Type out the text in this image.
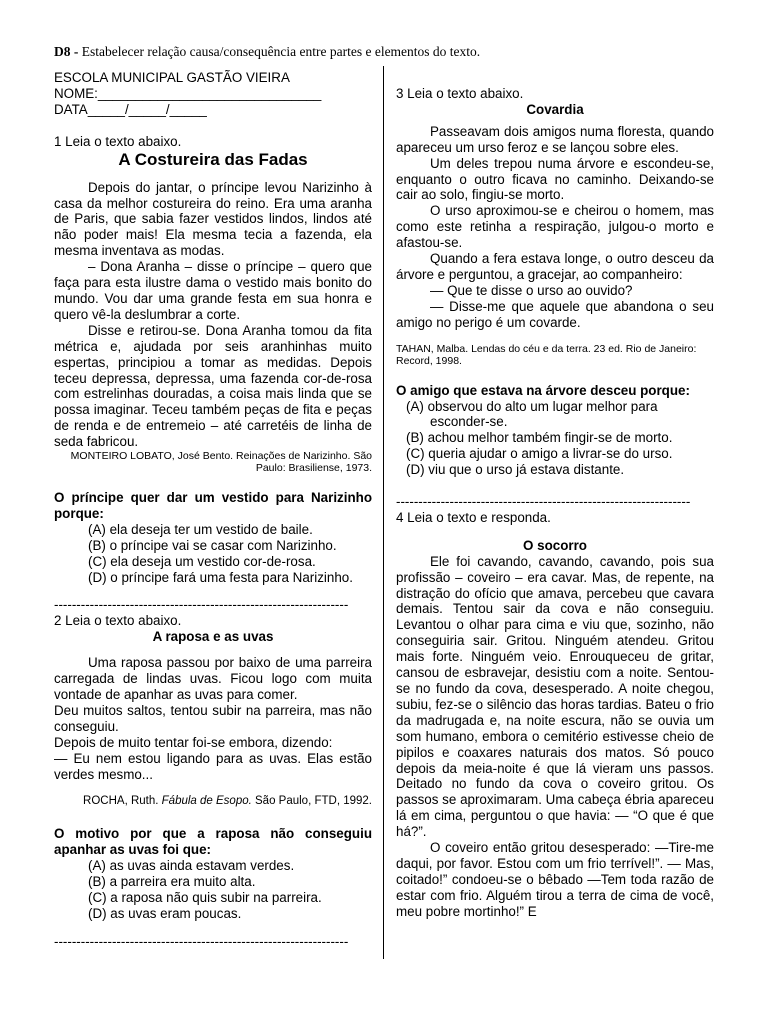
D8 - Estabelecer relação causa/consequência entre partes e elementos do texto.

ESCOLA MUNICIPAL GASTÃO VIEIRA

NOME:______________________________

DATA_____/_____/_____

1 Leia o texto abaixo.

A Costureira das Fadas

Depois do jantar, o príncipe levou Narizinho à casa da melhor costureira do reino. Era uma aranha de Paris, que sabia fazer vestidos lindos, lindos até não poder mais! Ela mesma tecia a fazenda, ela mesma inventava as modas.

– Dona Aranha – disse o príncipe – quero que faça para esta ilustre dama o vestido mais bonito do mundo. Vou dar uma grande festa em sua honra e quero vê-la deslumbrar a corte.

Disse e retirou-se. Dona Aranha tomou da fita métrica e, ajudada por seis aranhinhas muito espertas, principiou a tomar as medidas. Depois teceu depressa, depressa, uma fazenda cor-de-rosa com estrelinhas douradas, a coisa mais linda que se possa imaginar. Teceu também peças de fita e peças de renda e de entremeio – até carretéis de linha de seda fabricou.

MONTEIRO LOBATO, José Bento. Reinações de Narizinho. São Paulo: Brasiliense, 1973.

O príncipe quer dar um vestido para Narizinho porque:

(A) ela deseja ter um vestido de baile.

(B) o príncipe vai se casar com Narizinho.

(C) ela deseja um vestido cor-de-rosa.

(D) o príncipe fará uma festa para Narizinho.

------------------------------------------------------------------

2 Leia o texto abaixo.

A raposa e as uvas

Uma raposa passou por baixo de uma parreira carregada de lindas uvas. Ficou logo com muita vontade de apanhar as uvas para comer.

Deu muitos saltos, tentou subir na parreira, mas não conseguiu.

Depois de muito tentar foi-se embora, dizendo:

— Eu nem estou ligando para as uvas. Elas estão verdes mesmo...

ROCHA, Ruth. Fábula de Esopo. São Paulo, FTD, 1992.

O motivo por que a raposa não conseguiu apanhar as uvas foi que:

(A) as uvas ainda estavam verdes.

(B) a parreira era muito alta.

(C) a raposa não quis subir na parreira.

(D) as uvas eram poucas.

------------------------------------------------------------------

3 Leia o texto abaixo.

Covardia

Passeavam dois amigos numa floresta, quando apareceu um urso feroz e se lançou sobre eles.

Um deles trepou numa árvore e escondeu-se, enquanto o outro ficava no caminho. Deixando-se cair ao solo, fingiu-se morto.

O urso aproximou-se e cheirou o homem, mas como este retinha a respiração, julgou-o morto e afastou-se.

Quando a fera estava longe, o outro desceu da árvore e perguntou, a gracejar, ao companheiro:

— Que te disse o urso ao ouvido?

— Disse-me que aquele que abandona o seu amigo no perigo é um covarde.

TAHAN, Malba. Lendas do céu e da terra. 23 ed. Rio de Janeiro: Record, 1998.

O amigo que estava na árvore desceu porque:

(A) observou do alto um lugar melhor para esconder-se.

(B) achou melhor também fingir-se de morto.

(C) queria ajudar o amigo a livrar-se do urso.

(D) viu que o urso já estava distante.

------------------------------------------------------------------

4 Leia o texto e responda.

O socorro

Ele foi cavando, cavando, cavando, pois sua profissão – coveiro – era cavar. Mas, de repente, na distração do ofício que amava, percebeu que cavara demais. Tentou sair da cova e não conseguiu. Levantou o olhar para cima e viu que, sozinho, não conseguiria sair. Gritou. Ninguém atendeu. Gritou mais forte. Ninguém veio. Enrouqueceu de gritar, cansou de esbravejar, desistiu com a noite. Sentou-se no fundo da cova, desesperado. A noite chegou, subiu, fez-se o silêncio das horas tardias. Bateu o frio da madrugada e, na noite escura, não se ouvia um som humano, embora o cemitério estivesse cheio de pipilos e coaxares naturais dos matos. Só pouco depois da meia-noite é que lá vieram uns passos. Deitado no fundo da cova o coveiro gritou. Os passos se aproximaram. Uma cabeça ébria apareceu lá em cima, perguntou o que havia: — “O que é que há?”.

O coveiro então gritou desesperado: —Tire-me daqui, por favor. Estou com um frio terrível!”. — Mas, coitado!” condoeu-se o bêbado —Tem toda razão de estar com frio. Alguém tirou a terra de cima de você, meu pobre mortinho!” E
